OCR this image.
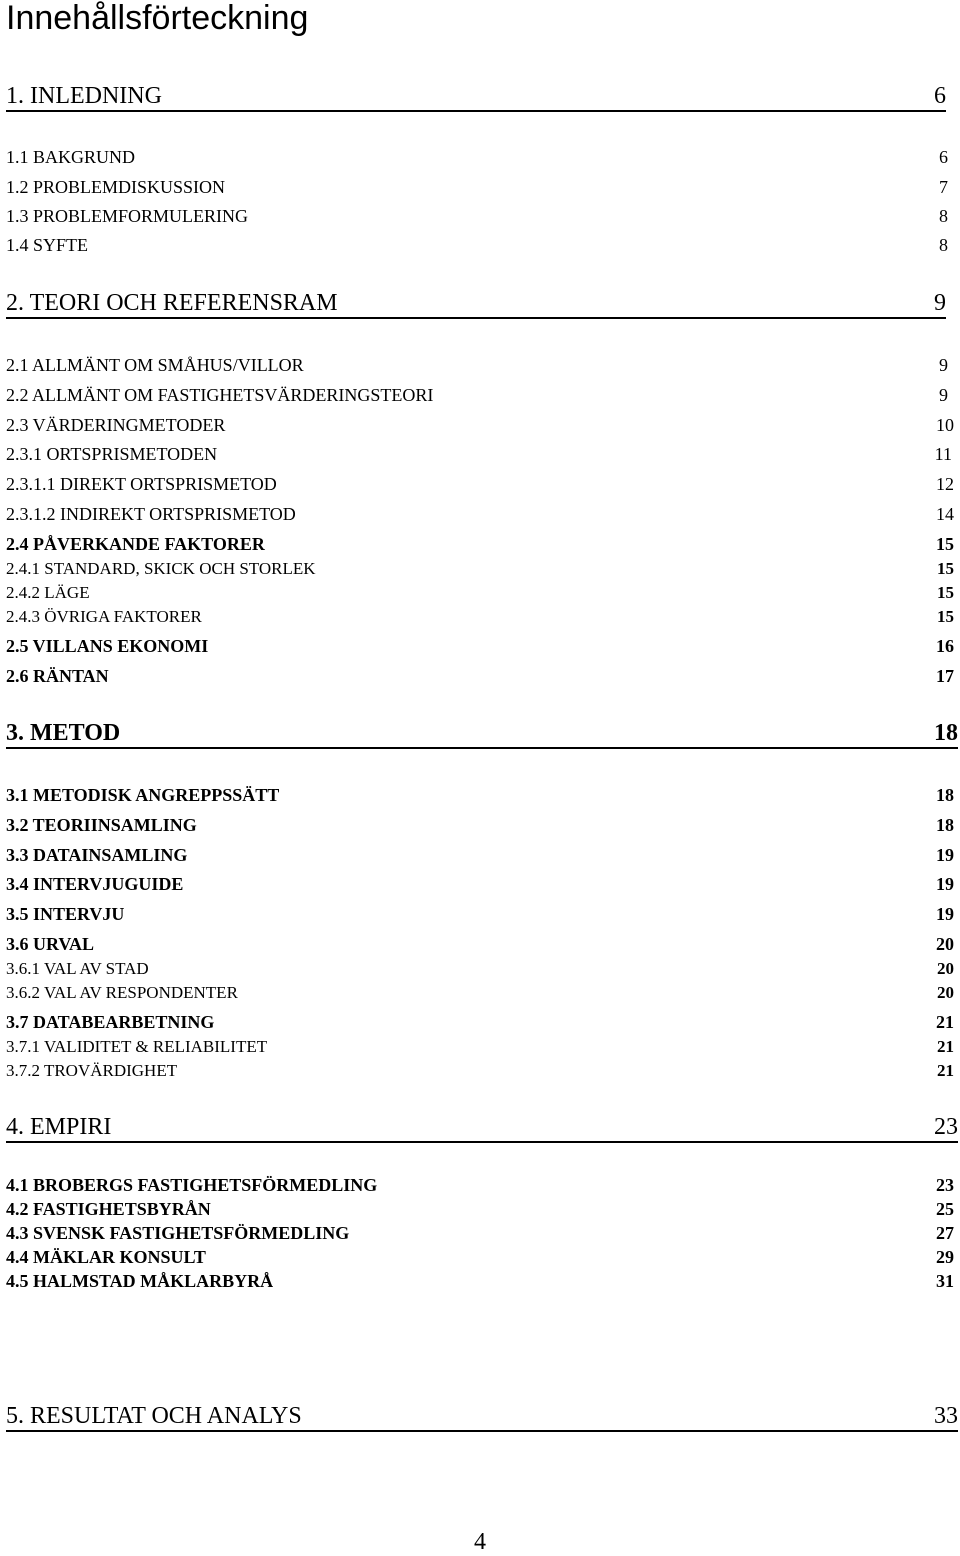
Innehållsförteckning
1. INLEDNING	6
1.1 BAKGRUND	6
1.2 PROBLEMDISKUSSION	7
1.3 PROBLEMFORMULERING	8
1.4 SYFTE	8
2. TEORI OCH REFERENSRAM	9
2.1 ALLMÄNT OM SMÅHUS/VILLOR	9
2.2 ALLMÄNT OM FASTIGHETSVÄRDERINGSTEORI	9
2.3 VÄRDERINGMETODER	10
2.3.1 ORTSPRISMETODEN	11
2.3.1.1 DIREKT ORTSPRISMETOD	12
2.3.1.2 INDIREKT ORTSPRISMETOD	14
2.4 PÅVERKANDE FAKTORER	15
2.4.1 STANDARD, SKICK OCH STORLEK	15
2.4.2 LÄGE	15
2.4.3 ÖVRIGA FAKTORER	15
2.5 VILLANS EKONOMI	16
2.6 RÄNTAN	17
3. METOD	18
3.1 METODISK ANGREPPSSÄTT	18
3.2 TEORIINSAMLING	18
3.3 DATAINSAMLING	19
3.4 INTERVJUGUIDE	19
3.5 INTERVJU	19
3.6 URVAL	20
3.6.1 VAL AV STAD	20
3.6.2 VAL AV RESPONDENTER	20
3.7 DATABEARBETNING	21
3.7.1 VALIDITET & RELIABILITET	21
3.7.2 TROVÄRDIGHET	21
4. EMPIRI	23
4.1 BROBERGS FASTIGHETSFÖRMEDLING	23
4.2 FASTIGHETSBYRÅN	25
4.3 SVENSK FASTIGHETSFÖRMEDLING	27
4.4 MÄKLAR KONSULT	29
4.5 HALMSTAD MÅKLARBYRÅ	31
5. RESULTAT OCH ANALYS	33
4
